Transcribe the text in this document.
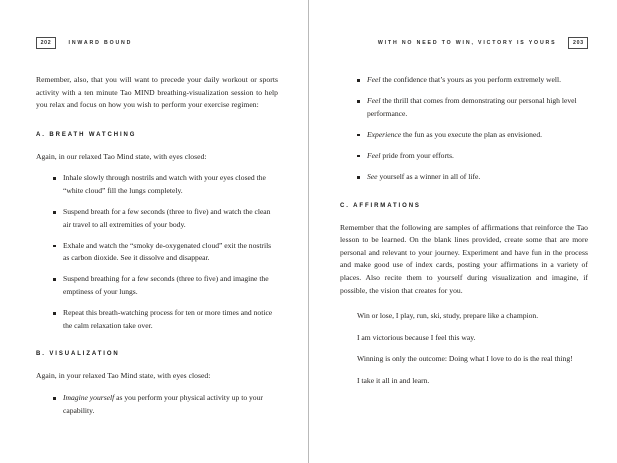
202	INWARD BOUND

Remember, also, that you will want to precede your daily workout or sports activity with a ten minute Tao MIND breathing-visualization session to help you relax and focus on how you wish to perform your exercise regimen:

A. BREATH WATCHING

Again, in our relaxed Tao Mind state, with eyes closed:

Inhale slowly through nostrils and watch with your eyes closed the “white cloud” fill the lungs completely.
Suspend breath for a few seconds (three to five) and watch the clean air travel to all extremities of your body.
Exhale and watch the “smoky de-oxygenated cloud” exit the nostrils as carbon dioxide. See it dissolve and disappear.
Suspend breathing for a few seconds (three to five) and imagine the emptiness of your lungs.
Repeat this breath-watching process for ten or more times and notice the calm relaxation take over.
B. VISUALIZATION

Again, in your relaxed Tao Mind state, with eyes closed:

Imagine yourself as you perform your physical activity up to your capability.
WITH NO NEED TO WIN, VICTORY IS YOURS	203
Feel the confidence that’s yours as you perform extremely well.
Feel the thrill that comes from demonstrating our personal high level performance.
Experience the fun as you execute the plan as envisioned.
Feel pride from your efforts.
See yourself as a winner in all of life.
C. AFFIRMATIONS

Remember that the following are samples of affirmations that reinforce the Tao lesson to be learned. On the blank lines provided, create some that are more personal and relevant to your journey. Experiment and have fun in the process and make good use of index cards, posting your affirmations in a variety of places. Also recite them to yourself during visualization and imagine, if possible, the vision that creates for you.

Win or lose, I play, run, ski, study, prepare like a champion.

I am victorious because I feel this way.

Winning is only the outcome: Doing what I love to do is the real thing!

I take it all in and learn.
